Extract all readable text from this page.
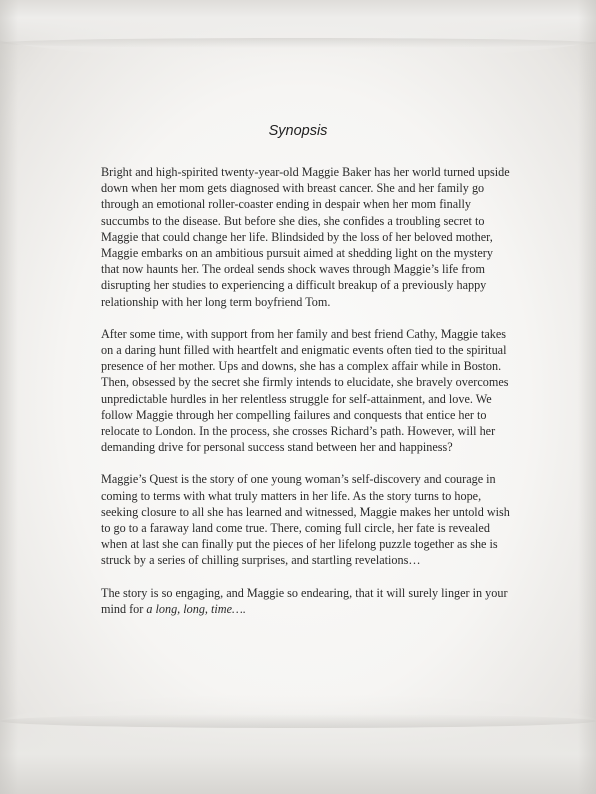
Synopsis

Bright and high-spirited twenty-year-old Maggie Baker has her world turned upside down when her mom gets diagnosed with breast cancer. She and her family go through an emotional roller-coaster ending in despair when her mom finally succumbs to the disease. But before she dies, she confides a troubling secret to Maggie that could change her life. Blindsided by the loss of her beloved mother, Maggie embarks on an ambitious pursuit aimed at shedding light on the mystery that now haunts her. The ordeal sends shock waves through Maggie’s life from disrupting her studies to experiencing a difficult breakup of a previously happy relationship with her long term boyfriend Tom.

After some time, with support from her family and best friend Cathy, Maggie takes on a daring hunt filled with heartfelt and enigmatic events often tied to the spiritual presence of her mother. Ups and downs, she has a complex affair while in Boston. Then, obsessed by the secret she firmly intends to elucidate, she bravely overcomes unpredictable hurdles in her relentless struggle for self-attainment, and love. We follow Maggie through her compelling failures and conquests that entice her to relocate to London. In the process, she crosses Richard’s path. However, will her demanding drive for personal success stand between her and happiness?

Maggie’s Quest is the story of one young woman’s self-discovery and courage in coming to terms with what truly matters in her life. As the story turns to hope, seeking closure to all she has learned and witnessed, Maggie makes her untold wish to go to a faraway land come true. There, coming full circle, her fate is revealed when at last she can finally put the pieces of her lifelong puzzle together as she is struck by a series of chilling surprises, and startling revelations…

The story is so engaging, and Maggie so endearing, that it will surely linger in your mind for a long, long, time….
